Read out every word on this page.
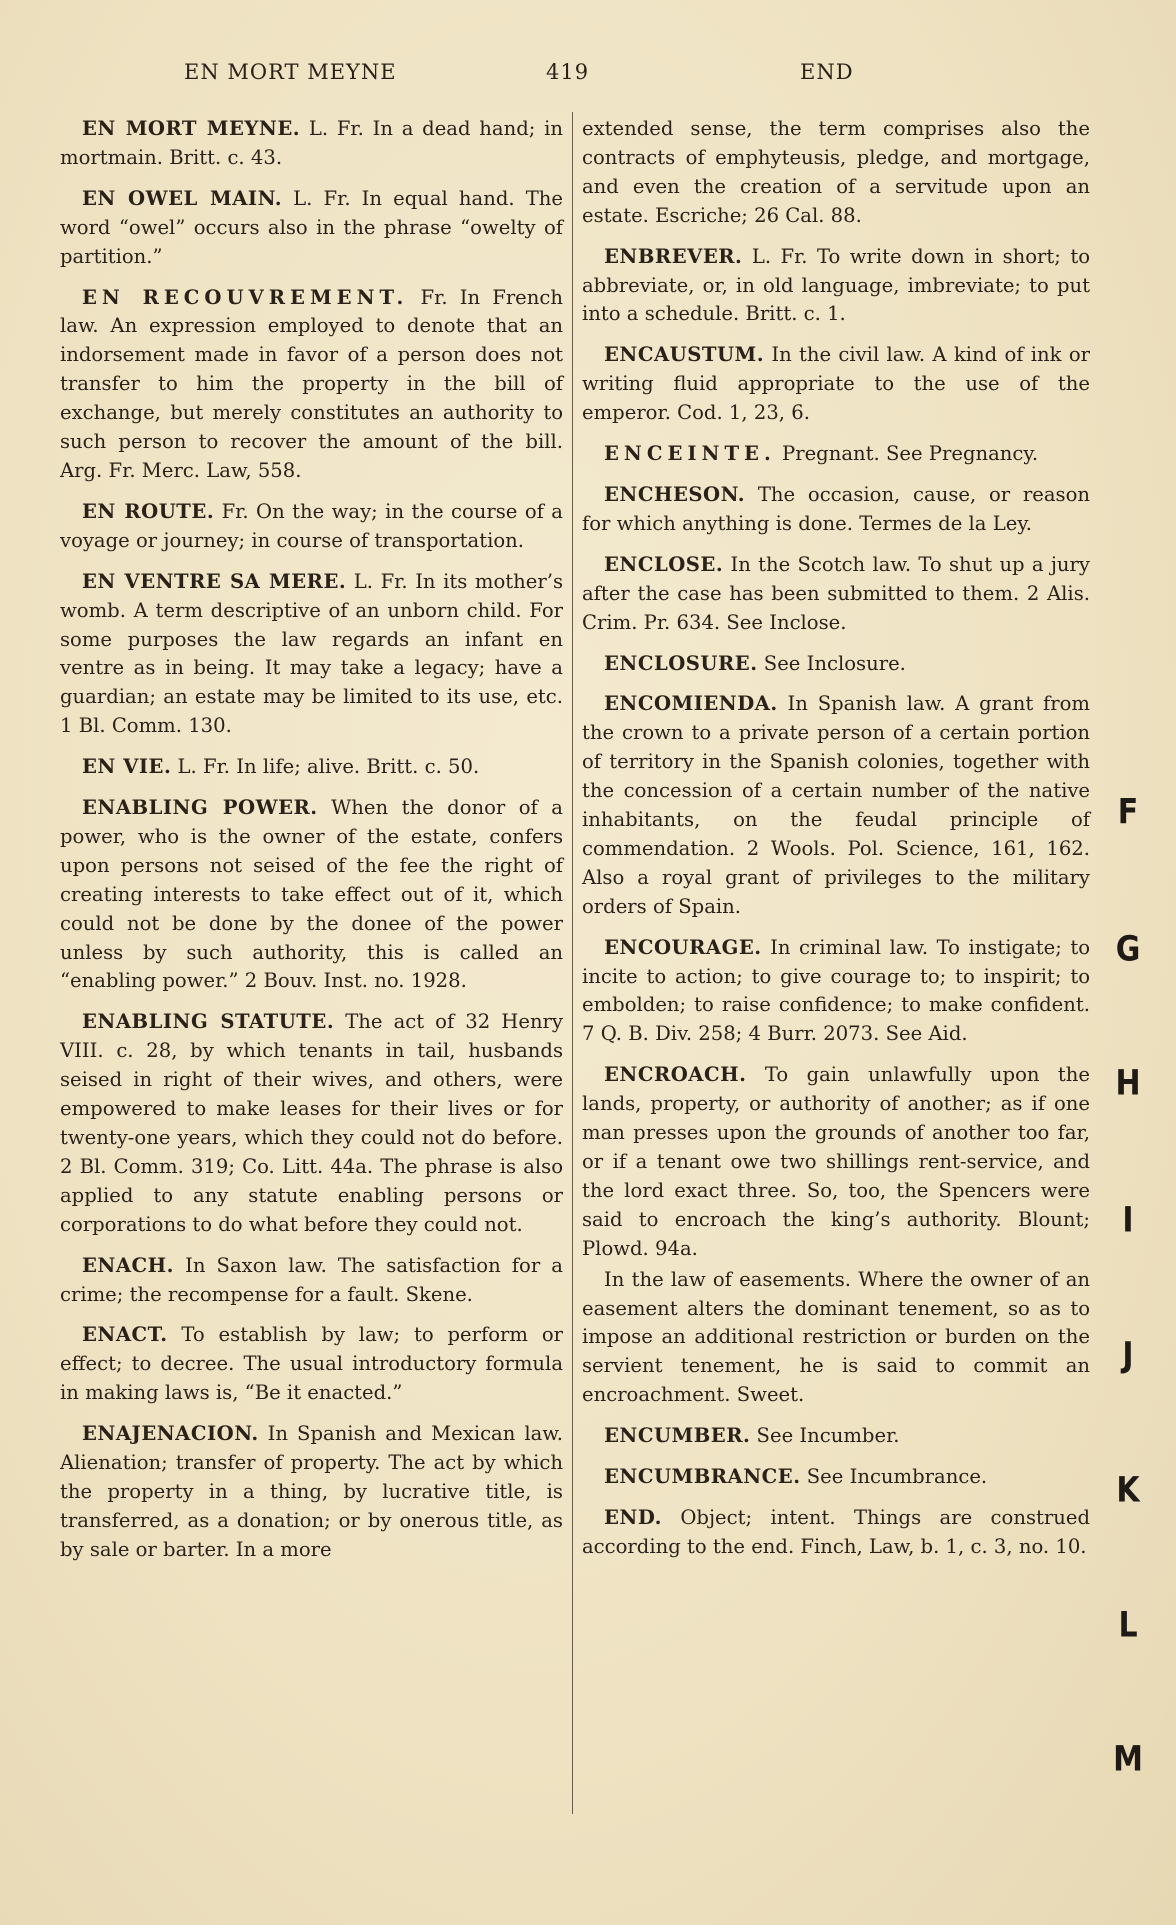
EN MORT MEYNE	419	END

EN MORT MEYNE. L. Fr. In a dead hand; in mortmain. Britt. c. 43.

EN OWEL MAIN. L. Fr. In equal hand. The word “owel” occurs also in the phrase “owelty of partition.”

EN RECOUVREMENT. Fr. In French law. An expression employed to denote that an indorsement made in favor of a person does not transfer to him the property in the bill of exchange, but merely constitutes an authority to such person to recover the amount of the bill. Arg. Fr. Merc. Law, 558.

EN ROUTE. Fr. On the way; in the course of a voyage or journey; in course of transportation.

EN VENTRE SA MERE. L. Fr. In its mother’s womb. A term descriptive of an unborn child. For some purposes the law regards an infant en ventre as in being. It may take a legacy; have a guardian; an estate may be limited to its use, etc. 1 Bl. Comm. 130.

EN VIE. L. Fr. In life; alive. Britt. c. 50.

ENABLING POWER. When the donor of a power, who is the owner of the estate, confers upon persons not seised of the fee the right of creating interests to take effect out of it, which could not be done by the donee of the power unless by such authority, this is called an “enabling power.” 2 Bouv. Inst. no. 1928.

ENABLING STATUTE. The act of 32 Henry VIII. c. 28, by which tenants in tail, husbands seised in right of their wives, and others, were empowered to make leases for their lives or for twenty-one years, which they could not do before. 2 Bl. Comm. 319; Co. Litt. 44a. The phrase is also applied to any statute enabling persons or corporations to do what before they could not.

ENACH. In Saxon law. The satisfaction for a crime; the recompense for a fault. Skene.

ENACT. To establish by law; to perform or effect; to decree. The usual introductory formula in making laws is, “Be it enacted.”

ENAJENACION. In Spanish and Mexican law. Alienation; transfer of property. The act by which the property in a thing, by lucrative title, is transferred, as a donation; or by onerous title, as by sale or barter. In a more

extended sense, the term comprises also the contracts of emphyteusis, pledge, and mortgage, and even the creation of a servitude upon an estate. Escriche; 26 Cal. 88.

ENBREVER. L. Fr. To write down in short; to abbreviate, or, in old language, imbreviate; to put into a schedule. Britt. c. 1.

ENCAUSTUM. In the civil law. A kind of ink or writing fluid appropriate to the use of the emperor. Cod. 1, 23, 6.

ENCEINTE. Pregnant. See Pregnancy.

ENCHESON. The occasion, cause, or reason for which anything is done. Termes de la Ley.

ENCLOSE. In the Scotch law. To shut up a jury after the case has been submitted to them. 2 Alis. Crim. Pr. 634. See Inclose.

ENCLOSURE. See Inclosure.

ENCOMIENDA. In Spanish law. A grant from the crown to a private person of a certain portion of territory in the Spanish colonies, together with the concession of a certain number of the native inhabitants, on the feudal principle of commendation. 2 Wools. Pol. Science, 161, 162. Also a royal grant of privileges to the military orders of Spain.

ENCOURAGE. In criminal law. To instigate; to incite to action; to give courage to; to inspirit; to embolden; to raise confidence; to make confident. 7 Q. B. Div. 258; 4 Burr. 2073. See Aid.

ENCROACH. To gain unlawfully upon the lands, property, or authority of another; as if one man presses upon the grounds of another too far, or if a tenant owe two shillings rent-service, and the lord exact three. So, too, the Spencers were said to encroach the king’s authority. Blount; Plowd. 94a.

In the law of easements. Where the owner of an easement alters the dominant tenement, so as to impose an additional restriction or burden on the servient tenement, he is said to commit an encroachment. Sweet.

ENCUMBER. See Incumber.

ENCUMBRANCE. See Incumbrance.

END. Object; intent. Things are construed according to the end. Finch, Law, b. 1, c. 3, no. 10.

F
G
H
I
J
K
L
M
